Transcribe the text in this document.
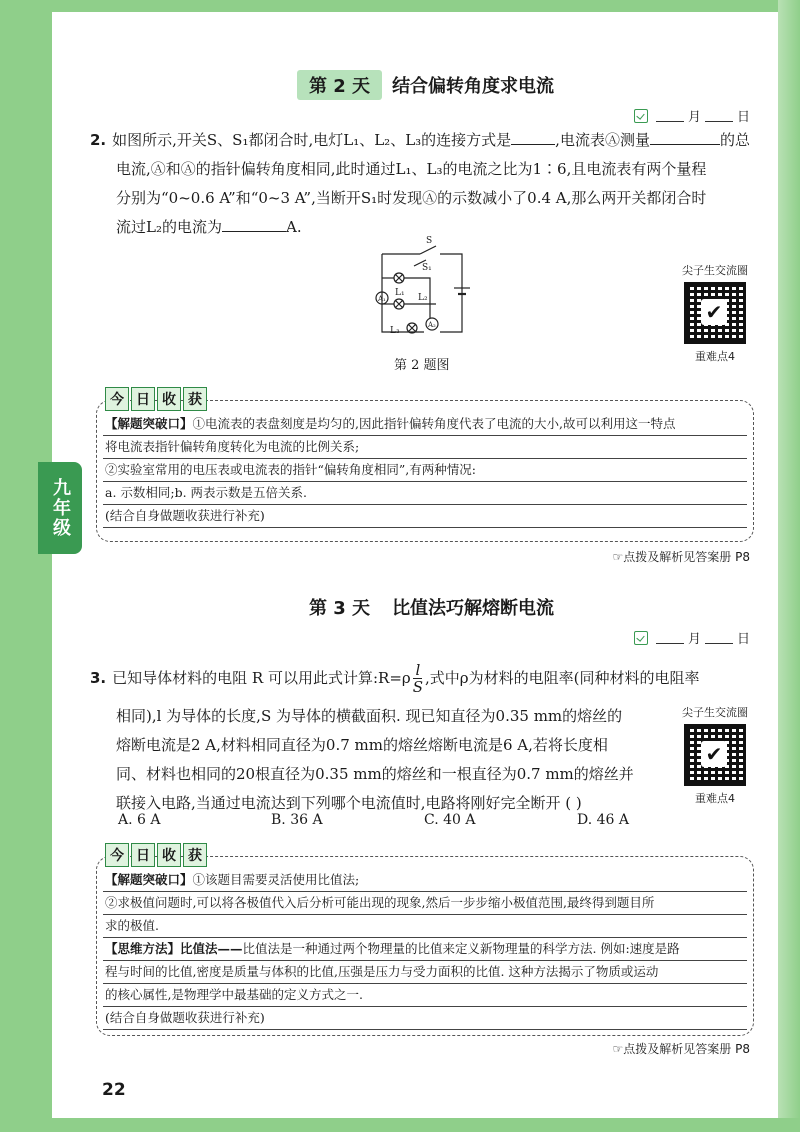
九年级
第 2 天	结合偏转角度求电流
月	日
2. 如图所示,开关S、S₁都闭合时,电灯L₁、L₂、L₃的连接方式是	,电流表Ⓐ测量	的总
电流,Ⓐ和Ⓐ的指针偏转角度相同,此时通过L₁、L₃的电流之比为1∶6,且电流表有两个量程
分别为“0~0.6 A”和“0~3 A”,当断开S₁时发现Ⓐ的示数减小了0.4 A,那么两开关都闭合时
流过L₂的电流为	A.
S
S₁
A₁
L₁ L₂
L₃
A₂
第 2 题图
尖子生交流圈
✔
重难点4
今 日 收 获
【解题突破口】①电流表的表盘刻度是均匀的,因此指针偏转角度代表了电流的大小,故可以利用这一特点
将电流表指针偏转角度转化为电流的比例关系;
②实验室常用的电压表或电流表的指针“偏转角度相同”,有两种情况:
a. 示数相同;b. 两表示数是五倍关系.
(结合自身做题收获进行补充)
☞点拨及解析见答案册 P8
第 3 天	比值法巧解熔断电流
月	日
3. 已知导体材料的电阻 R 可以用此式计算:R=ρ $\frac{l}{S}$ ,式中ρ为材料的电阻率(同种材料的电阻率
相同),l 为导体的长度,S 为导体的横截面积. 现已知直径为0.35 mm的熔丝的
熔断电流是2 A,材料相同直径为0.7 mm的熔丝熔断电流是6 A,若将长度相
同、材料也相同的20根直径为0.35 mm的熔丝和一根直径为0.7 mm的熔丝并
联接入电路,当通过电流达到下列哪个电流值时,电路将刚好完全断开 ( )
A. 6 A	B. 36 A	C. 40 A	D. 46 A
尖子生交流圈
✔
重难点4
今 日 收 获
【解题突破口】①该题目需要灵活使用比值法;
②求极值问题时,可以将各极值代入后分析可能出现的现象,然后一步步缩小极值范围,最终得到题目所
求的极值.
【思维方法】比值法——比值法是一种通过两个物理量的比值来定义新物理量的科学方法. 例如:速度是路
程与时间的比值,密度是质量与体积的比值,压强是压力与受力面积的比值. 这种方法揭示了物质或运动
的核心属性,是物理学中最基础的定义方式之一.
(结合自身做题收获进行补充)
☞点拨及解析见答案册 P8
22
